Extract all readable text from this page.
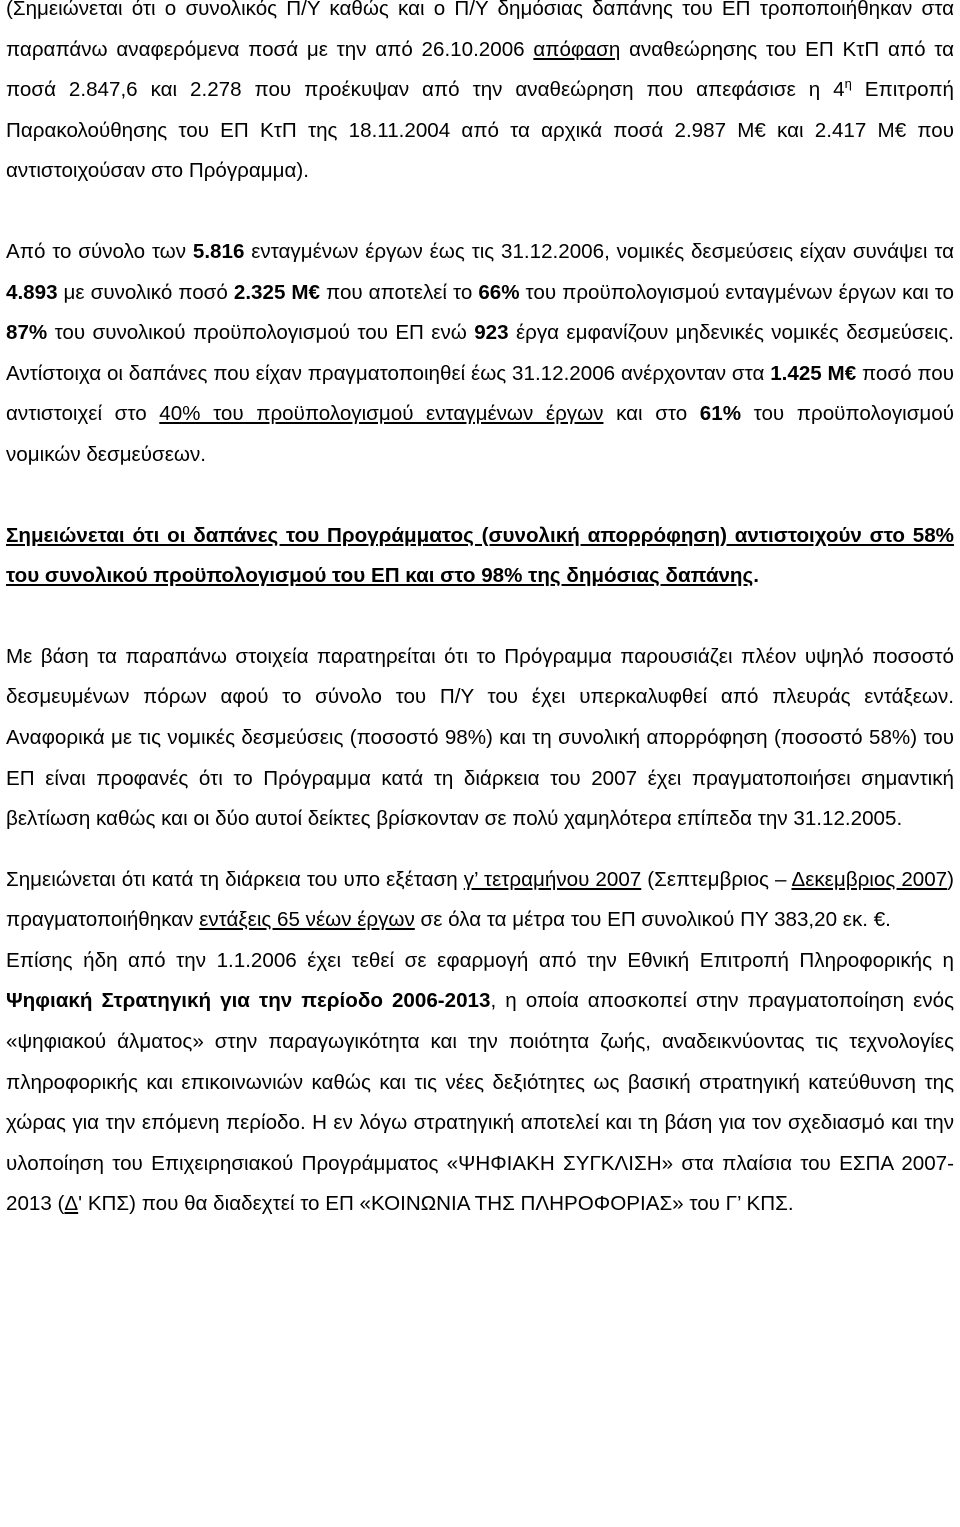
(Σημειώνεται ότι ο συνολικός Π/Υ καθώς και ο Π/Υ δημόσιας δαπάνης του ΕΠ τροποποιήθηκαν στα παραπάνω αναφερόμενα ποσά με την από 26.10.2006 απόφαση αναθεώρησης του ΕΠ ΚτΠ από τα ποσά 2.847,6 και 2.278 που προέκυψαν από την αναθεώρηση που απεφάσισε η $4^\eta$ Επιτροπή Παρακολούθησης του ΕΠ ΚτΠ της 18.11.2004 από τα αρχικά ποσά 2.987 Μ€ και 2.417 Μ€ που αντιστοιχούσαν στο Πρόγραμμα).

Από το σύνολο των 5.816 ενταγμένων έργων έως τις 31.12.2006, νομικές δεσμεύσεις είχαν συνάψει τα 4.893 με συνολικό ποσό 2.325 Μ€ που αποτελεί το 66% του προϋπολογισμού ενταγμένων έργων και το 87% του συνολικού προϋπολογισμού του ΕΠ ενώ 923 έργα εμφανίζουν μηδενικές νομικές δεσμεύσεις. Αντίστοιχα οι δαπάνες που είχαν πραγματοποιηθεί έως 31.12.2006 ανέρχονταν στα 1.425 Μ€ ποσό που αντιστοιχεί στο 40% του προϋπολογισμού ενταγμένων έργων και στο 61% του προϋπολογισμού νομικών δεσμεύσεων.

Σημειώνεται ότι οι δαπάνες του Προγράμματος (συνολική απορρόφηση) αντιστοιχούν στο 58% του συνολικού προϋπολογισμού του ΕΠ και στο 98% της δημόσιας δαπάνης.

Με βάση τα παραπάνω στοιχεία παρατηρείται ότι το Πρόγραμμα παρουσιάζει πλέον υψηλό ποσοστό δεσμευμένων πόρων αφού το σύνολο του Π/Υ του έχει υπερκαλυφθεί από πλευράς εντάξεων. Αναφορικά με τις νομικές δεσμεύσεις (ποσοστό 98%) και τη συνολική απορρόφηση (ποσοστό 58%) του ΕΠ είναι προφανές ότι το Πρόγραμμα κατά τη διάρκεια του 2007 έχει πραγματοποιήσει σημαντική βελτίωση καθώς και οι δύο αυτοί δείκτες βρίσκονταν σε πολύ χαμηλότερα επίπεδα την 31.12.2005.

Σημειώνεται ότι κατά τη διάρκεια του υπο εξέταση γ’ τετραμήνου 2007 (Σεπτεμβριος – Δεκεμβριος 2007) πραγματοποιήθηκαν εντάξεις 65 νέων έργων σε όλα τα μέτρα του ΕΠ συνολικού ΠΥ 383,20 εκ. €.

Επίσης ήδη από την 1.1.2006 έχει τεθεί σε εφαρμογή από την Εθνική Επιτροπή Πληροφορικής η Ψηφιακή Στρατηγική για την περίοδο 2006-2013, η οποία αποσκοπεί στην πραγματοποίηση ενός «ψηφιακού άλματος» στην παραγωγικότητα και την ποιότητα ζωής, αναδεικνύοντας τις τεχνολογίες πληροφορικής και επικοινωνιών καθώς και τις νέες δεξιότητες ως βασική στρατηγική κατεύθυνση της χώρας για την επόμενη περίοδο. Η εν λόγω στρατηγική αποτελεί και τη βάση για τον σχεδιασμό και την υλοποίηση του Επιχειρησιακού Προγράμματος «ΨΗΦΙΑΚΗ ΣΥΓΚΛΙΣΗ» στα πλαίσια του ΕΣΠΑ 2007-2013 (Δ' ΚΠΣ) που θα διαδεχτεί το ΕΠ «ΚΟΙΝΩΝΙΑ ΤΗΣ ΠΛΗΡΟΦΟΡΙΑΣ» του Γ’ ΚΠΣ.
